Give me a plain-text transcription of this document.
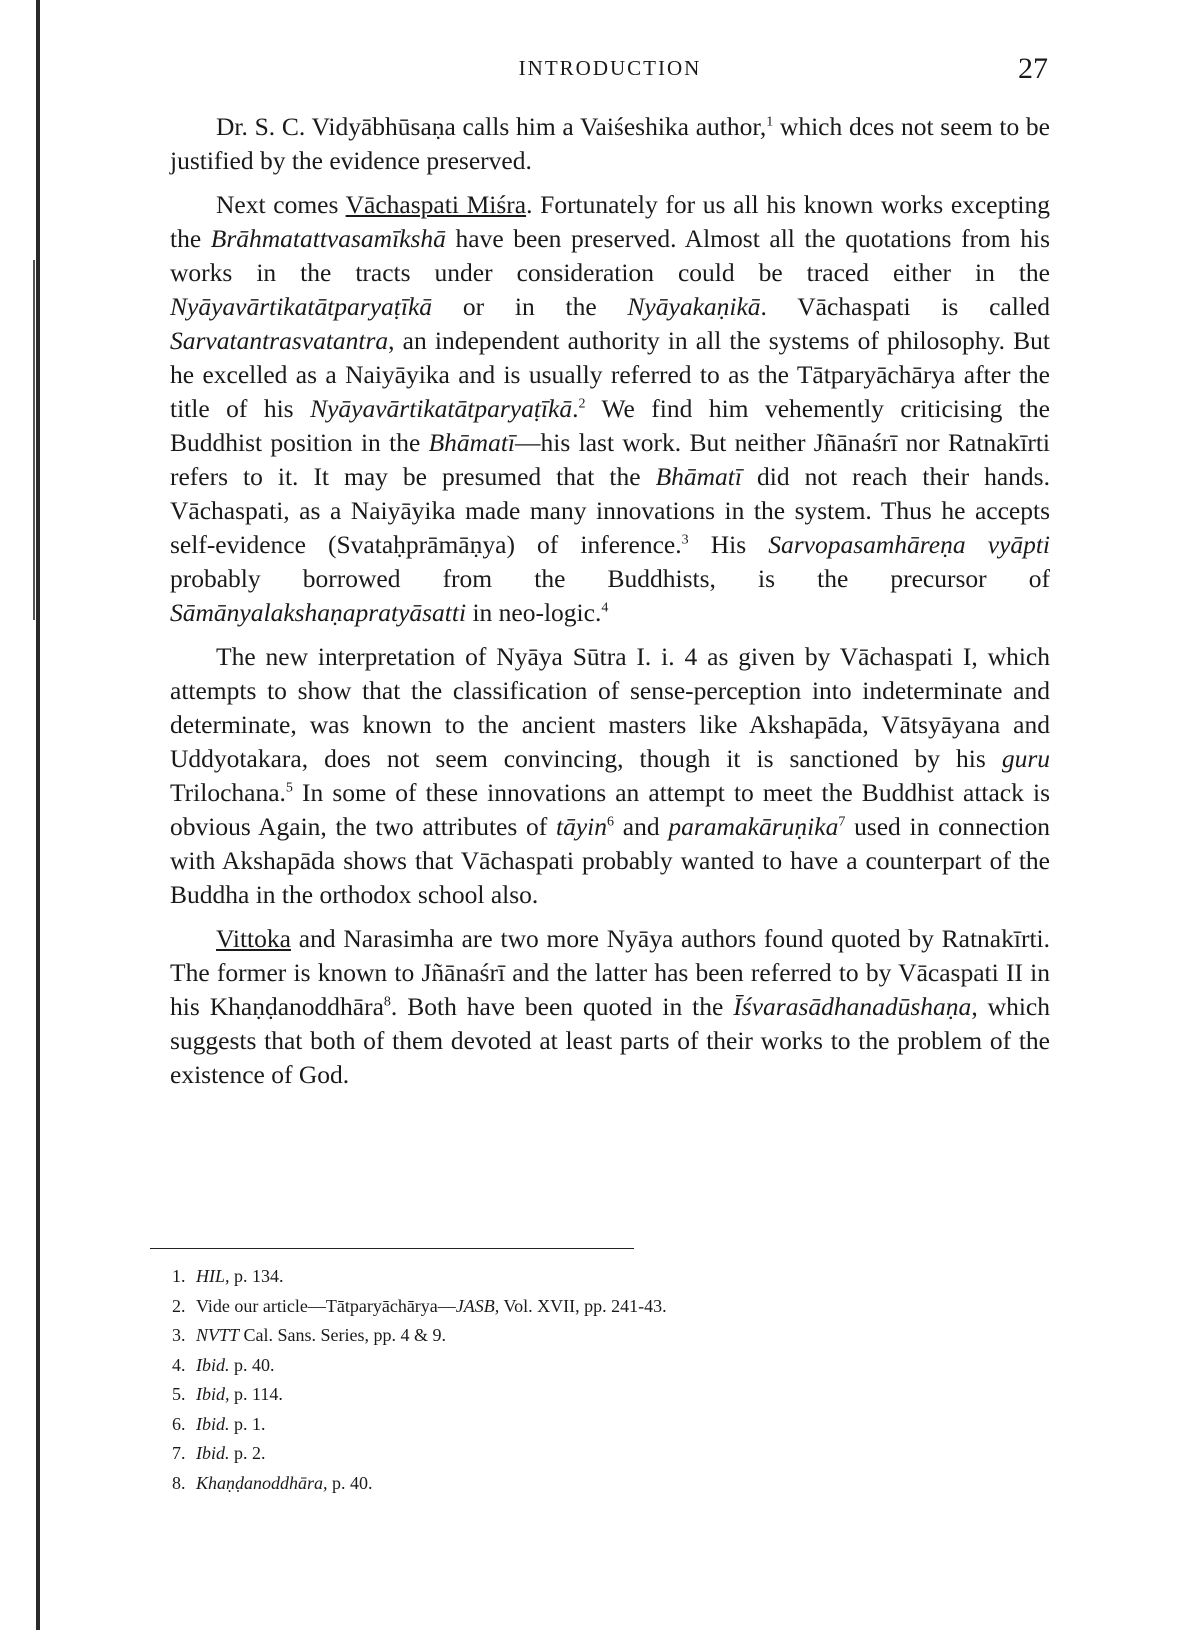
INTRODUCTION	27

Dr. S. C. Vidyābhūsaṇa calls him a Vaiśeshika author,$^1$ which dces not seem to be justified by the evidence preserved.

Next comes Vāchaspati Miśra. Fortunately for us all his known works excepting the Brāhmatattvasamīkshā have been preserved. Almost all the quotations from his works in the tracts under consideration could be traced either in the Nyāyavārtikatātparyaṭīkā or in the Nyāyakaṇikā. Vāchaspati is called Sarvatantrasvatantra, an independent authority in all the systems of philosophy. But he excelled as a Naiyāyika and is usually referred to as the Tātparyāchārya after the title of his Nyāyavārtikatātparyaṭīkā.$^2$ We find him vehemently criticising the Buddhist position in the Bhāmatī—his last work. But neither Jñānaśrī nor Ratnakīrti refers to it. It may be presumed that the Bhāmatī did not reach their hands. Vāchaspati, as a Naiyāyika made many innovations in the system. Thus he accepts self-evidence (Svataḥprāmāṇya) of inference.$^3$ His Sarvopasamhāreṇa vyāpti probably borrowed from the Buddhists, is the precursor of Sāmānyalakshaṇapratyāsatti in neo-logic.$^4$

The new interpretation of Nyāya Sūtra I. i. 4 as given by Vāchaspati I, which attempts to show that the classification of sense-perception into indeterminate and determinate, was known to the ancient masters like Akshapāda, Vātsyāyana and Uddyotakara, does not seem convincing, though it is sanctioned by his guru Trilochana.$^5$ In some of these innovations an attempt to meet the Buddhist attack is obvious Again, the two attributes of tāyin$^6$ and paramakāruṇika$^7$ used in connection with Akshapāda shows that Vāchaspati probably wanted to have a counterpart of the Buddha in the orthodox school also.

Vittoka and Narasimha are two more Nyāya authors found quoted by Ratnakīrti. The former is known to Jñānaśrī and the latter has been referred to by Vācaspati II in his Khaṇḍanoddhāra$^8$. Both have been quoted in the Īśvarasādhanadūshaṇa, which suggests that both of them devoted at least parts of their works to the problem of the existence of God.

1. HIL, p. 134.
2. Vide our article—Tātparyāchārya—JASB, Vol. XVII, pp. 241-43.
3. NVTT Cal. Sans. Series, pp. 4 & 9.
4. Ibid. p. 40.
5. Ibid, p. 114.
6. Ibid. p. 1.
7. Ibid. p. 2.
8. Khaṇḍanoddhāra, p. 40.
